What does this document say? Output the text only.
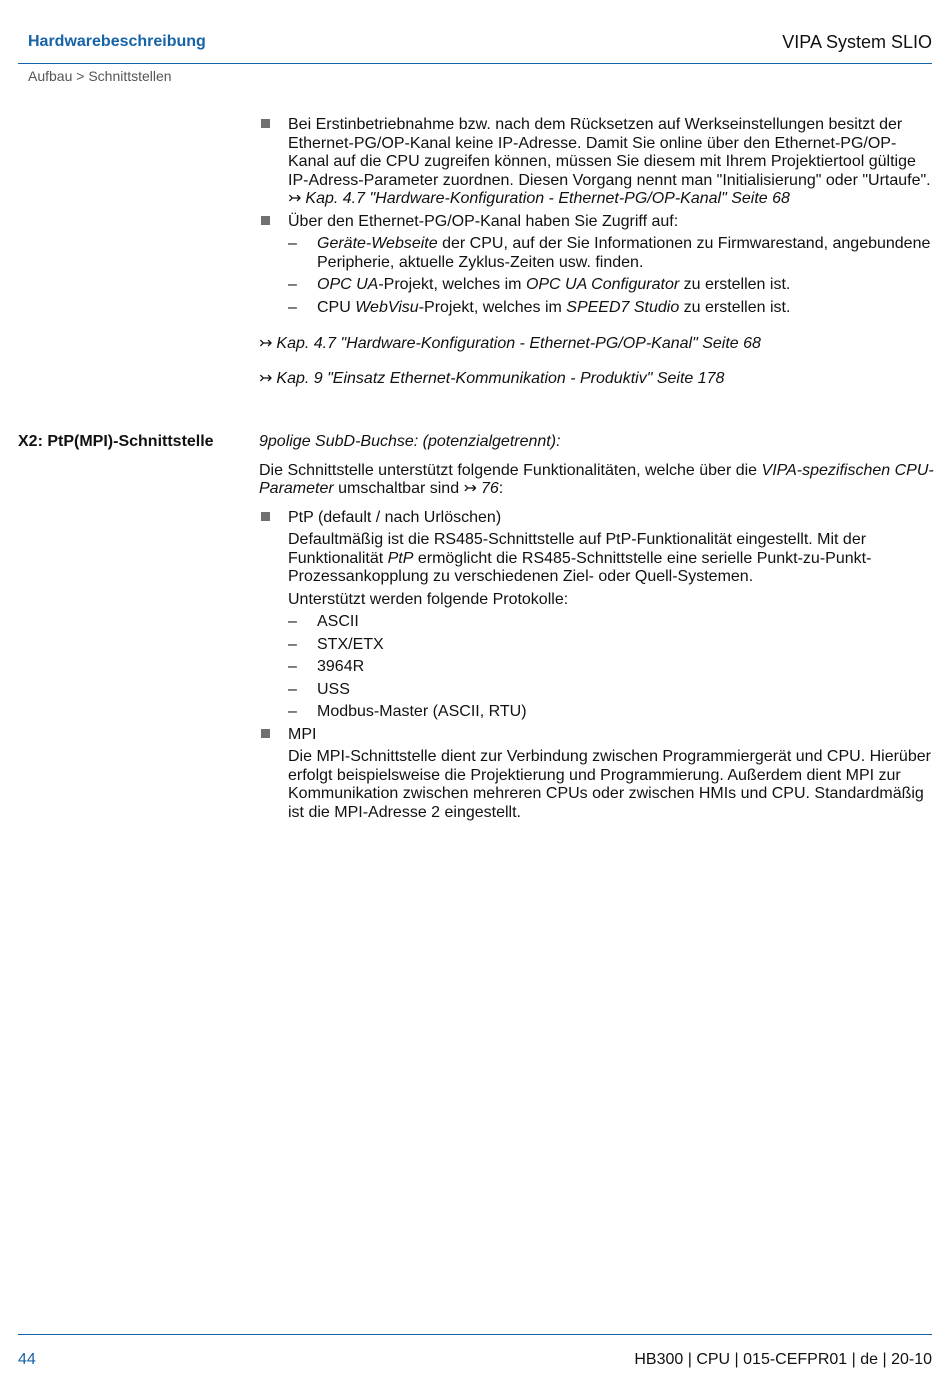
Hardwarebeschreibung	VIPA System SLIO
Aufbau > Schnittstellen
Bei Erstinbetriebnahme bzw. nach dem Rücksetzen auf Werkseinstellungen besitzt der Ethernet-PG/OP-Kanal keine IP-Adresse. Damit Sie online über den Ethernet-PG/OP-Kanal auf die CPU zugreifen können, müssen Sie diesem mit Ihrem Projektiertool gültige IP-Adress-Parameter zuordnen. Diesen Vorgang nennt man "Initialisierung" oder "Urtaufe". ↣ Kap. 4.7 "Hardware-Konfiguration - Ethernet-PG/OP-Kanal" Seite 68
Über den Ethernet-PG/OP-Kanal haben Sie Zugriff auf:
– Geräte-Webseite der CPU, auf der Sie Informationen zu Firmwarestand, angebundene Peripherie, aktuelle Zyklus-Zeiten usw. finden.
– OPC UA-Projekt, welches im OPC UA Configurator zu erstellen ist.
– CPU WebVisu-Projekt, welches im SPEED7 Studio zu erstellen ist.
↣ Kap. 4.7 "Hardware-Konfiguration - Ethernet-PG/OP-Kanal" Seite 68
↣ Kap. 9 "Einsatz Ethernet-Kommunikation - Produktiv" Seite 178
X2: PtP(MPI)-Schnittstelle	9polige SubD-Buchse: (potenzialgetrennt):
Die Schnittstelle unterstützt folgende Funktionalitäten, welche über die VIPA-spezifischen CPU-Parameter umschaltbar sind ↣ 76:
PtP (default / nach Urlöschen)
Defaultmäßig ist die RS485-Schnittstelle auf PtP-Funktionalität eingestellt. Mit der Funktionalität PtP ermöglicht die RS485-Schnittstelle eine serielle Punkt-zu-Punkt-Prozessankopplung zu verschiedenen Ziel- oder Quell-Systemen.
Unterstützt werden folgende Protokolle:
– ASCII
– STX/ETX
– 3964R
– USS
– Modbus-Master (ASCII, RTU)
MPI
Die MPI-Schnittstelle dient zur Verbindung zwischen Programmiergerät und CPU. Hierüber erfolgt beispielsweise die Projektierung und Programmierung. Außerdem dient MPI zur Kommunikation zwischen mehreren CPUs oder zwischen HMIs und CPU. Standardmäßig ist die MPI-Adresse 2 eingestellt.
44	HB300 | CPU | 015-CEFPR01 | de | 20-10
